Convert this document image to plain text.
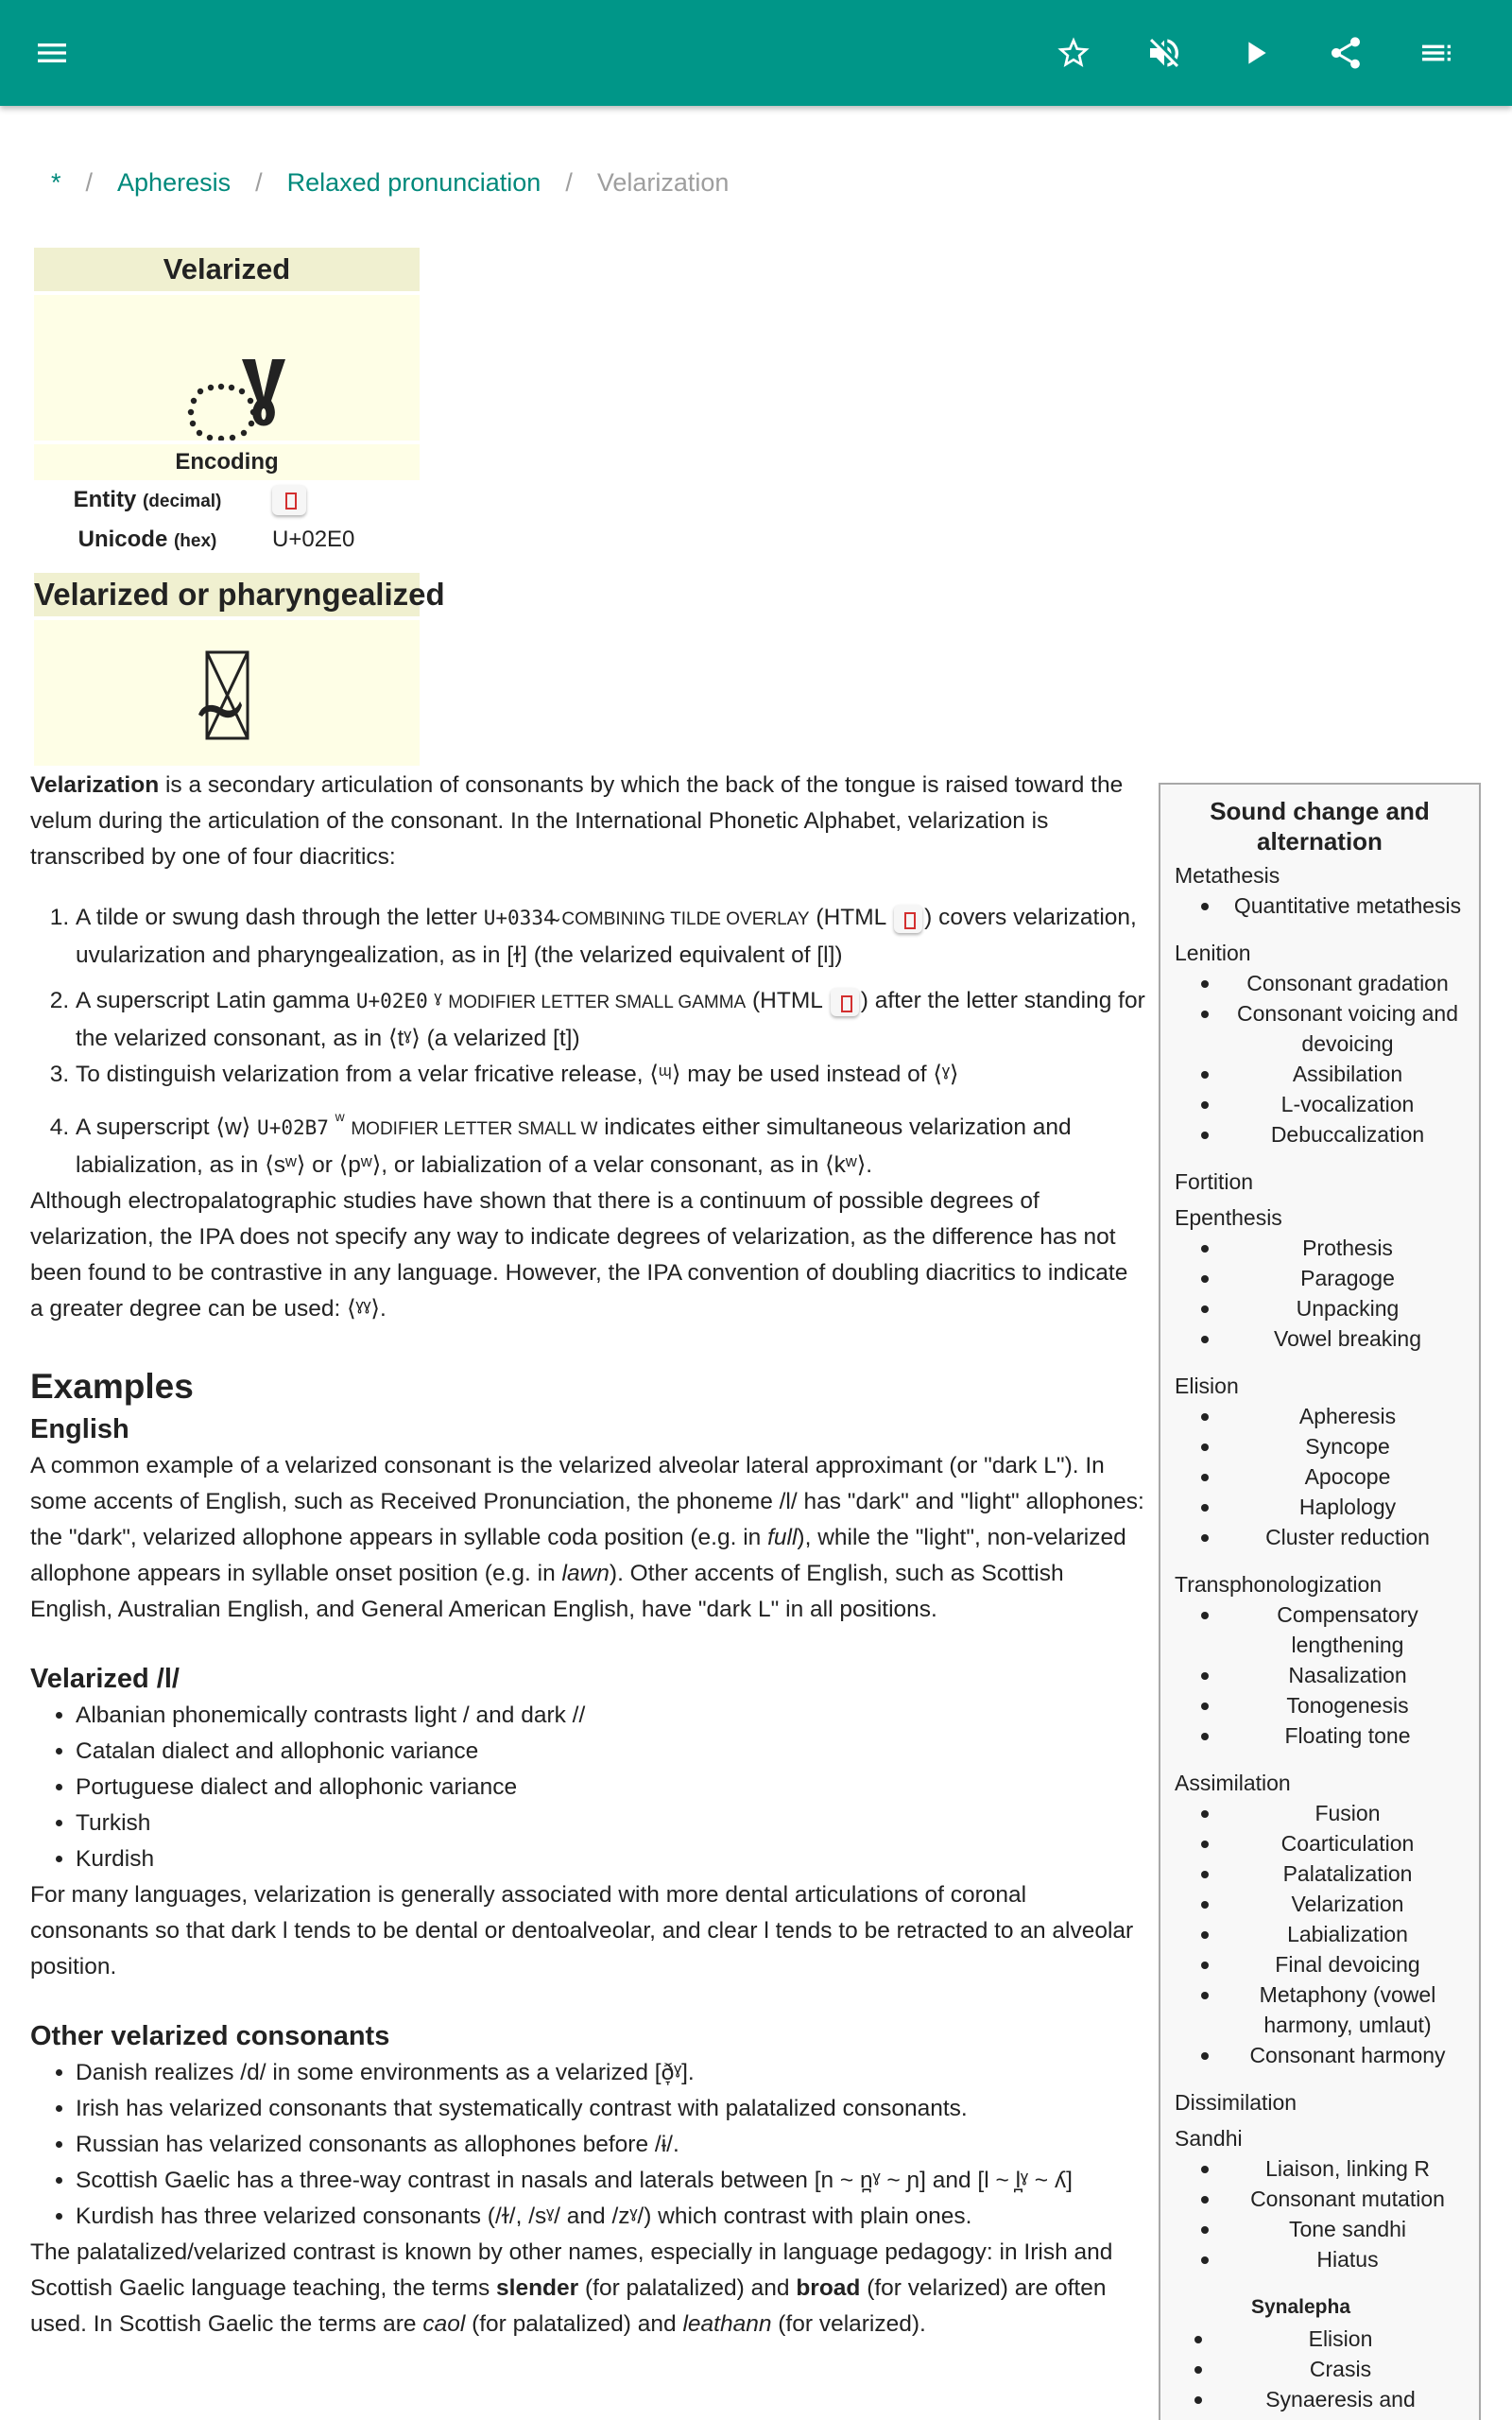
* / Apheresis / Relaxed pronunciation / Velarization
Velarized
Encoding
Entity (decimal)
Unicode (hex)	U+02E0
Velarized or pharyngealized

Velarization is a secondary articulation of consonants by which the back of the tongue is raised toward the velum during the articulation of the consonant. In the International Phonetic Alphabet, velarization is transcribed by one of four diacritics:

1. A tilde or swung dash through the letter U+0334 COMBINING TILDE OVERLAY (HTML ) covers velarization, uvularization and pharyngealization, as in [ɫ] (the velarized equivalent of [l])
2. A superscript Latin gamma U+02E0 ˠ MODIFIER LETTER SMALL GAMMA (HTML ) after the letter standing for the velarized consonant, as in ⟨tˠ⟩ (a velarized [t])
3. To distinguish velarization from a velar fricative release, ⟨ᶭ⟩ may be used instead of ⟨ˠ⟩
4. A superscript ⟨w⟩ U+02B7 $^ʷ$ MODIFIER LETTER SMALL W indicates either simultaneous velarization and labialization, as in ⟨sʷ⟩ or ⟨pʷ⟩, or labialization of a velar consonant, as in ⟨kʷ⟩.

Although electropalatographic studies have shown that there is a continuum of possible degrees of velarization, the IPA does not specify any way to indicate degrees of velarization, as the difference has not been found to be contrastive in any language. However, the IPA convention of doubling diacritics to indicate a greater degree can be used: ⟨ˠˠ⟩.

Examples
English

A common example of a velarized consonant is the velarized alveolar lateral approximant (or "dark L"). In some accents of English, such as Received Pronunciation, the phoneme /l/ has "dark" and "light" allophones: the "dark", velarized allophone appears in syllable coda position (e.g. in full), while the "light", non-velarized allophone appears in syllable onset position (e.g. in lawn). Other accents of English, such as Scottish English, Australian English, and General American English, have "dark L" in all positions.

Velarized /l/
• Albanian phonemically contrasts light / and dark //
• Catalan dialect and allophonic variance
• Portuguese dialect and allophonic variance
• Turkish
• Kurdish

For many languages, velarization is generally associated with more dental articulations of coronal consonants so that dark l tends to be dental or dentoalveolar, and clear l tends to be retracted to an alveolar position.

Other velarized consonants
• Danish realizes /d/ in some environments as a velarized [ð̞ˠ].
• Irish has velarized consonants that systematically contrast with palatalized consonants.
• Russian has velarized consonants as allophones before /ɨ/.
• Scottish Gaelic has a three-way contrast in nasals and laterals between [n ~ n̪ˠ ~ ɲ] and [l ~ l̪ˠ ~ ʎ]
• Kurdish has three velarized consonants (/ɫ/, /sˠ/ and /zˠ/) which contrast with plain ones.

The palatalized/velarized contrast is known by other names, especially in language pedagogy: in Irish and Scottish Gaelic language teaching, the terms slender (for palatalized) and broad (for velarized) are often used. In Scottish Gaelic the terms are caol (for palatalized) and leathann (for velarized).

Sound change and alternation
Metathesis
Quantitative metathesis
Lenition
Consonant gradation
Consonant voicing and devoicing
Assibilation
L-vocalization
Debuccalization
Fortition
Epenthesis
Prothesis
Paragoge
Unpacking
Vowel breaking
Elision
Apheresis
Syncope
Apocope
Haplology
Cluster reduction
Transphonologization
Compensatory lengthening
Nasalization
Tonogenesis
Floating tone
Assimilation
Fusion
Coarticulation
Palatalization
Velarization
Labialization
Final devoicing
Metaphony (vowel harmony, umlaut)
Consonant harmony
Dissimilation
Sandhi
Liaison, linking R
Consonant mutation
Tone sandhi
Hiatus
Synalepha
Elision
Crasis
Synaeresis and
